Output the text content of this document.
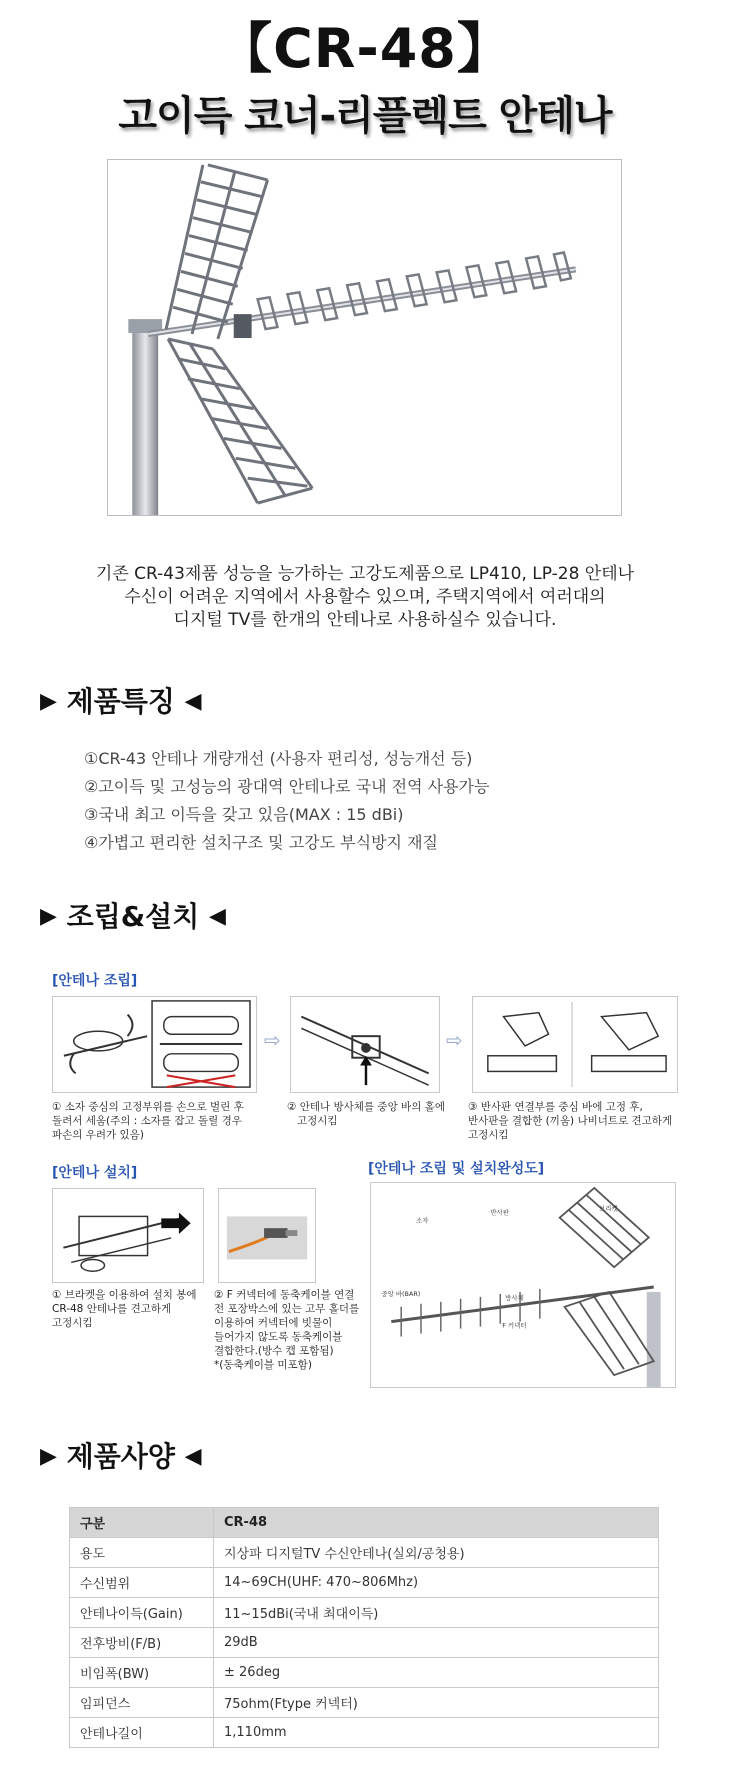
【CR-48】
고이득 코너-리플렉트 안테나
기존 CR-43제품 성능을 능가하는 고강도제품으로 LP410, LP-28 안테나
수신이 어려운 지역에서 사용할수 있으며, 주택지역에서 여러대의
디지털 TV를 한개의 안테나로 사용하실수 있습니다.
▶ 제품특징 ◀
①CR-43 안테나 개량개선 (사용자 편리성, 성능개선 등)
②고이득 및 고성능의 광대역 안테나로 국내 전역 사용가능
③국내 최고 이득을 갖고 있음(MAX : 15 dBi)
④가볍고 편리한 설치구조 및 고강도 부식방지 재질
▶ 조립&설치 ◀
[안테나 조립]
⇨	⇨
① 소자 중심의 고정부위를 손으로 벌린 후
돌려서 세움(주의 : 소자를 잡고 돌릴 경우
파손의 우려가 있음)
② 안테나 방사체를 중앙 바의 홀에
고정시킴
③ 반사판 연결부를 중심 바에 고정 후,
반사판을 결합한 (끼움) 나비너트로 견고하게
고정시킴
[안테나 설치]	[안테나 조립 및 설치완성도]
① 브라켓을 이용하여 설치 봉에
CR-48 안테나를 견고하게
고정시킴
② F 커넥터에 동축케이블 연결
전 포장박스에 있는 고무 홀더를
이용하여 커넥터에 빗물이
들어가지 않도록 동축케이블
결합한다.(방수 캡 포함됨)
*(동축케이블 미포함)
반사판	브라켓
소자
중앙 바(BAR)	방사체
F 커넥터
▶ 제품사양 ◀
구분	CR-48
용도	지상파 디지털TV 수신안테나(실외/공청용)
수신범위	14~69CH(UHF: 470~806Mhz)
안테나이득(Gain)	11~15dBi(국내 최대이득)
전후방비(F/B)	29dB
비임폭(BW)	± 26deg
임피던스	75ohm(Ftype 커넥터)
안테나길이	1,110mm
